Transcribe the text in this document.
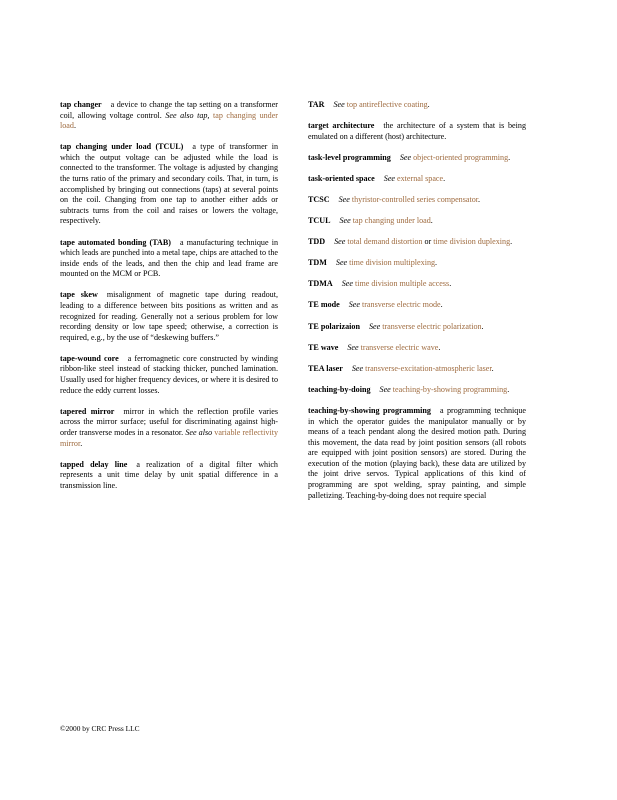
tap changer a device to change the tap setting on a transformer coil, allowing voltage control. See also tap, tap changing under load.

tap changing under load (TCUL) a type of transformer in which the output voltage can be adjusted while the load is connected to the transformer. The voltage is adjusted by changing the turns ratio of the primary and secondary coils. That, in turn, is accomplished by bringing out connections (taps) at several points on the coil. Changing from one tap to another either adds or subtracts turns from the coil and raises or lowers the voltage, respectively.

tape automated bonding (TAB) a manufacturing technique in which leads are punched into a metal tape, chips are attached to the inside ends of the leads, and then the chip and lead frame are mounted on the MCM or PCB.

tape skew misalignment of magnetic tape during readout, leading to a difference between bits positions as written and as recognized for reading. Generally not a serious problem for low recording density or low tape speed; otherwise, a correction is required, e.g., by the use of “deskewing buffers.”

tape-wound core a ferromagnetic core constructed by winding ribbon-like steel instead of stacking thicker, punched lamination. Usually used for higher frequency devices, or where it is desired to reduce the eddy current losses.

tapered mirror mirror in which the reflection profile varies across the mirror surface; useful for discriminating against high-order transverse modes in a resonator. See also variable reflectivity mirror.

tapped delay line a realization of a digital filter which represents a unit time delay by unit spatial difference in a transmission line.

TAR See top antireflective coating.

target architecture the architecture of a system that is being emulated on a different (host) architecture.

task-level programming See object-oriented programming.

task-oriented space See external space.

TCSC See thyristor-controlled series compensator.

TCUL See tap changing under load.

TDD See total demand distortion or time division duplexing.

TDM See time division multiplexing.

TDMA See time division multiple access.

TE mode See transverse electric mode.

TE polarizaion See transverse electric polarization.

TE wave See transverse electric wave.

TEA laser See transverse-excitation-atmospheric laser.

teaching-by-doing See teaching-by-showing programming.

teaching-by-showing programming a programming technique in which the operator guides the manipulator manually or by means of a teach pendant along the desired motion path. During this movement, the data read by joint position sensors (all robots are equipped with joint position sensors) are stored. During the execution of the motion (playing back), these data are utilized by the joint drive servos. Typical applications of this kind of programming are spot welding, spray painting, and simple palletizing. Teaching-by-doing does not require special

©2000 by CRC Press LLC
